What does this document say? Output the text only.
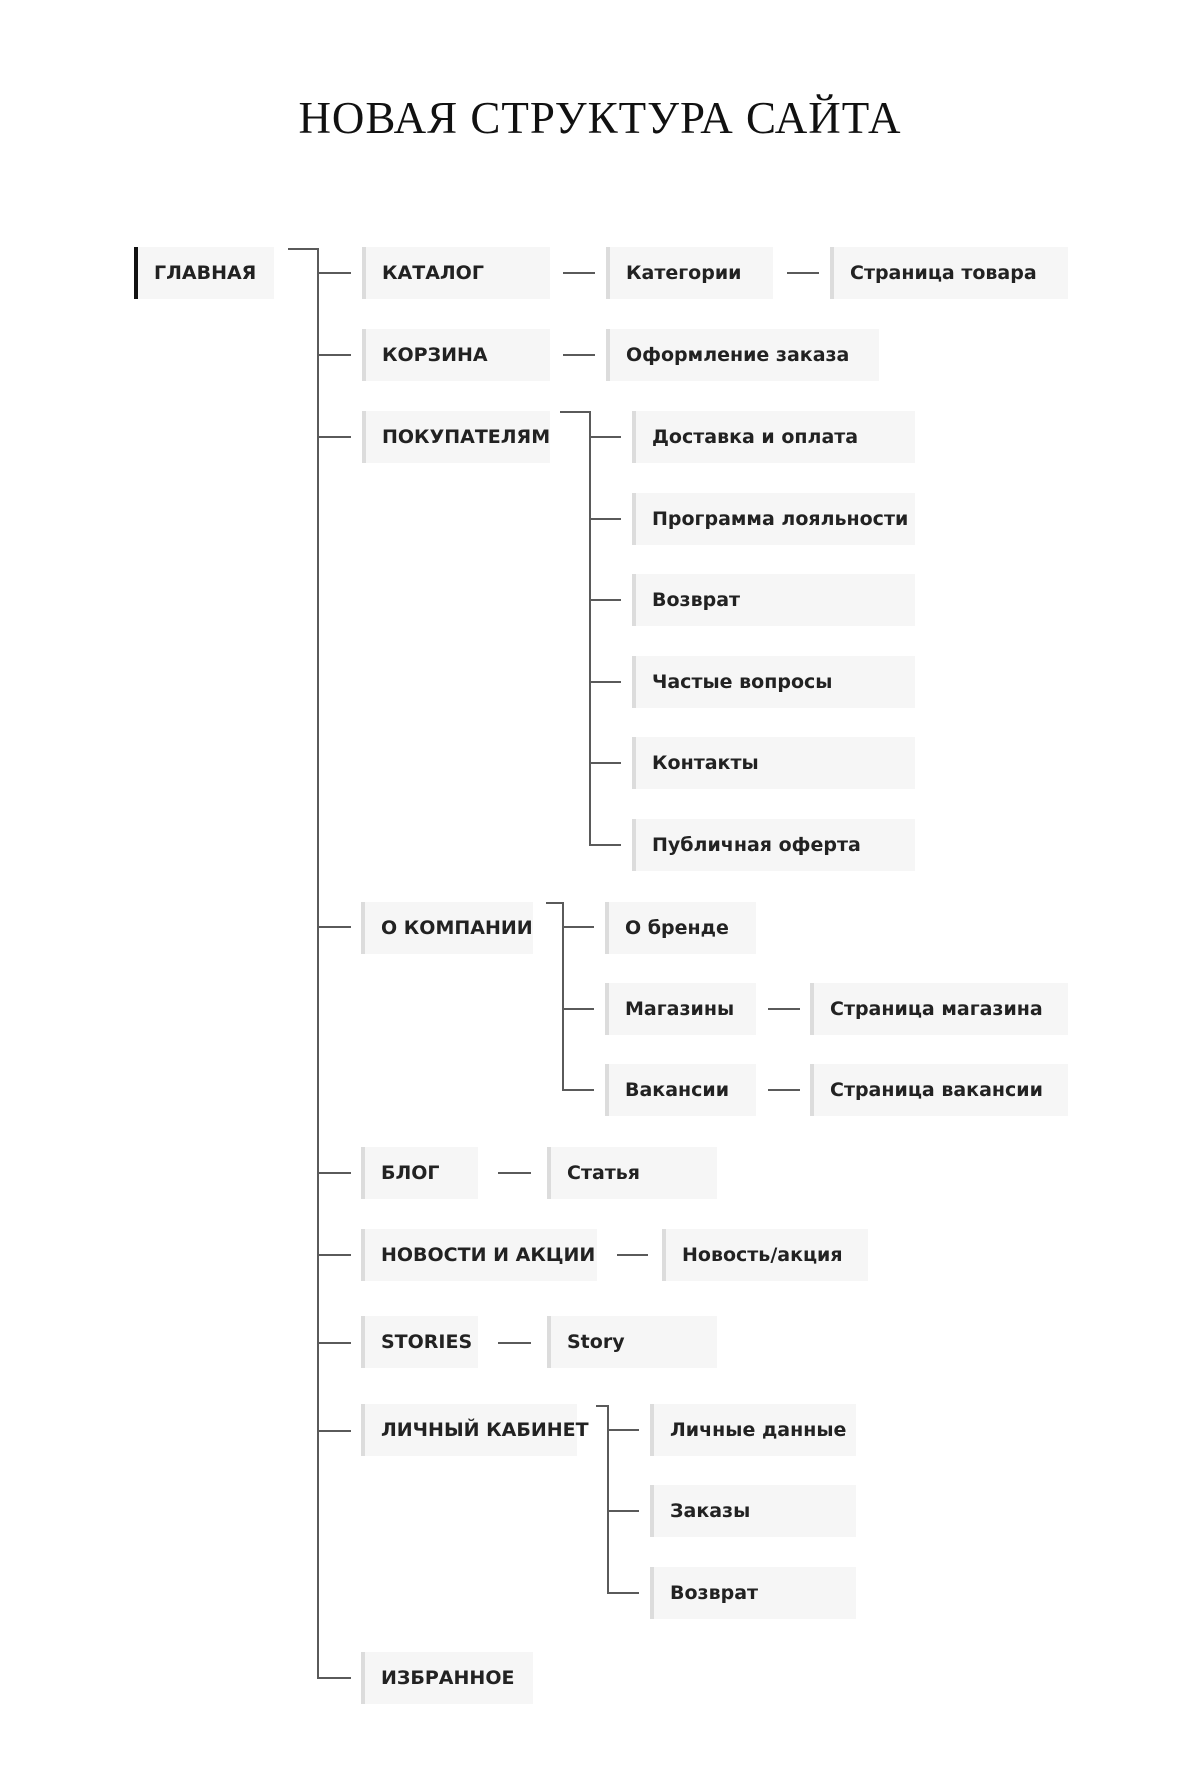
НОВАЯ СТРУКТУРА САЙТА
ГЛАВНАЯ	КАТАЛОГ
КОРЗИНА
ПОКУПАТЕЛЯМ
О КОМПАНИИ
БЛОГ
НОВОСТИ И АКЦИИ
STORIES
ЛИЧНЫЙ КАБИНЕТ
ИЗБРАННОЕ
Категории	Страница товара
Оформление заказа
Доставка и оплата
Программа лояльности
Возврат
Частые вопросы
Контакты
Публичная оферта
О бренде
Магазины
Вакансии
Страница магазина
Страница вакансии
Статья
Новость/акция
Story
Личные данные
Заказы
Возврат
